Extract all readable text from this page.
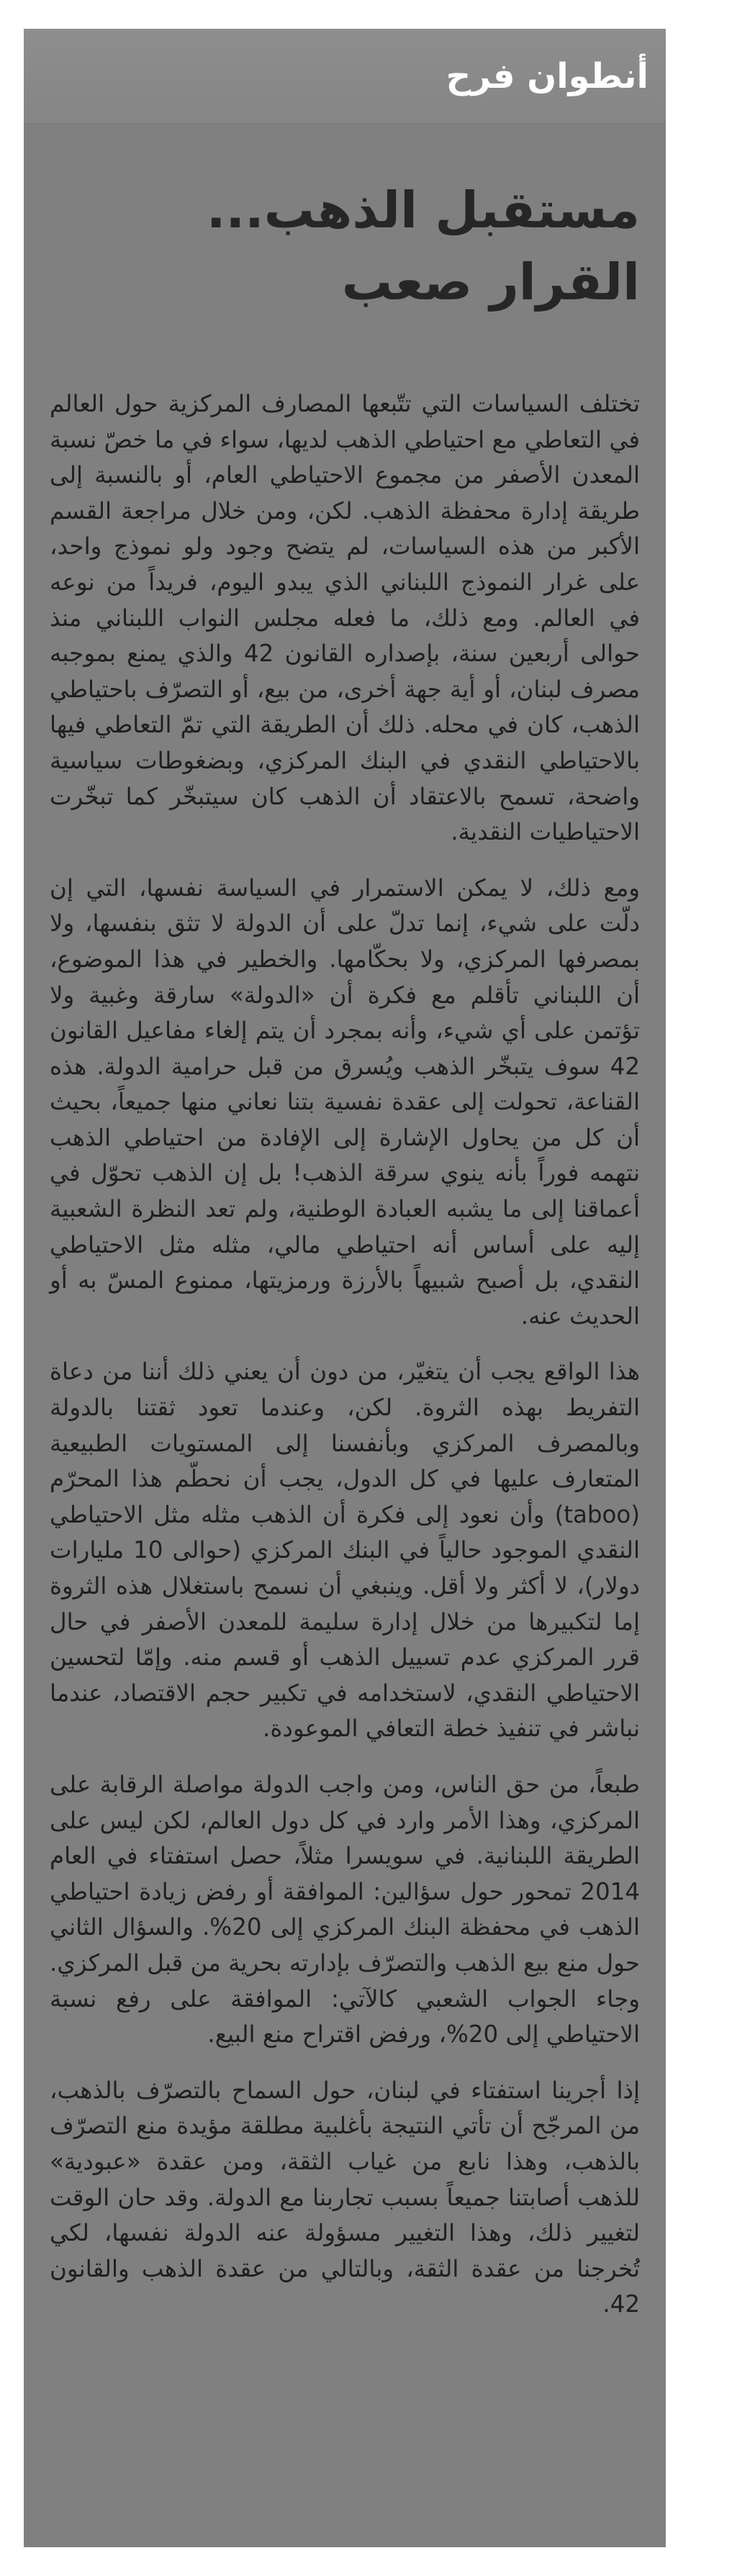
أنطوان فرح
مستقبل الذهب...
القرار صعب

تختلف السياسات التي تتّبعها المصارف المركزية حول العالم في التعاطي مع احتياطي الذهب لديها، سواء في ما خصّ نسبة المعدن الأصفر من مجموع الاحتياطي العام، أو بالنسبة إلى طريقة إدارة محفظة الذهب. لكن، ومن خلال مراجعة القسم الأكبر من هذه السياسات، لم يتضح وجود ولو نموذج واحد، على غرار النموذج اللبناني الذي يبدو اليوم، فريداً من نوعه في العالم. ومع ذلك، ما فعله مجلس النواب اللبناني منذ حوالى أربعين سنة، بإصداره القانون 42 والذي يمنع بموجبه مصرف لبنان، أو أية جهة أخرى، من بيع، أو التصرّف باحتياطي الذهب، كان في محله. ذلك أن الطريقة التي تمّ التعاطي فيها بالاحتياطي النقدي في البنك المركزي، وبضغوطات سياسية واضحة، تسمح بالاعتقاد أن الذهب كان سيتبخّر كما تبخّرت الاحتياطيات النقدية.

ومع ذلك، لا يمكن الاستمرار في السياسة نفسها، التي إن دلّت على شيء، إنما تدلّ على أن الدولة لا تثق بنفسها، ولا بمصرفها المركزي، ولا بحكّامها. والخطير في هذا الموضوع، أن اللبناني تأقلم مع فكرة أن «الدولة» سارقة وغبية ولا تؤتمن على أي شيء، وأنه بمجرد أن يتم إلغاء مفاعيل القانون 42 سوف يتبخّر الذهب ويُسرق من قبل حرامية الدولة. هذه القناعة، تحولت إلى عقدة نفسية بتنا نعاني منها جميعاً، بحيث أن كل من يحاول الإشارة إلى الإفادة من احتياطي الذهب نتهمه فوراً بأنه ينوي سرقة الذهب! بل إن الذهب تحوّل في أعماقنا إلى ما يشبه العبادة الوطنية، ولم تعد النظرة الشعبية إليه على أساس أنه احتياطي مالي، مثله مثل الاحتياطي النقدي، بل أصبح شبيهاً بالأرزة ورمزيتها، ممنوع المسّ به أو الحديث عنه.

هذا الواقع يجب أن يتغيّر، من دون أن يعني ذلك أننا من دعاة التفريط بهذه الثروة. لكن، وعندما تعود ثقتنا بالدولة وبالمصرف المركزي وبأنفسنا إلى المستويات الطبيعية المتعارف عليها في كل الدول، يجب أن نحطّم هذا المحرّم (taboo) وأن نعود إلى فكرة أن الذهب مثله مثل الاحتياطي النقدي الموجود حالياً في البنك المركزي (حوالى 10 مليارات دولار)، لا أكثر ولا أقل. وينبغي أن نسمح باستغلال هذه الثروة إما لتكبيرها من خلال إدارة سليمة للمعدن الأصفر في حال قرر المركزي عدم تسييل الذهب أو قسم منه. وإمّا لتحسين الاحتياطي النقدي، لاستخدامه في تكبير حجم الاقتصاد، عندما نباشر في تنفيذ خطة التعافي الموعودة.

طبعاً، من حق الناس، ومن واجب الدولة مواصلة الرقابة على المركزي، وهذا الأمر وارد في كل دول العالم، لكن ليس على الطريقة اللبنانية. في سويسرا مثلاً، حصل استفتاء في العام 2014 تمحور حول سؤالين: الموافقة أو رفض زيادة احتياطي الذهب في محفظة البنك المركزي إلى 20%. والسؤال الثاني حول منع بيع الذهب والتصرّف بإدارته بحرية من قبل المركزي. وجاء الجواب الشعبي كالآتي: الموافقة على رفع نسبة الاحتياطي إلى 20%، ورفض اقتراح منع البيع.

إذا أجرينا استفتاء في لبنان، حول السماح بالتصرّف بالذهب، من المرجّح أن تأتي النتيجة بأغلبية مطلقة مؤيدة منع التصرّف بالذهب، وهذا نابع من غياب الثقة، ومن عقدة «عبودية» للذهب أصابتنا جميعاً بسبب تجاربنا مع الدولة. وقد حان الوقت لتغيير ذلك، وهذا التغيير مسؤولة عنه الدولة نفسها، لكي تُخرجنا من عقدة الثقة، وبالتالي من عقدة الذهب والقانون 42.
